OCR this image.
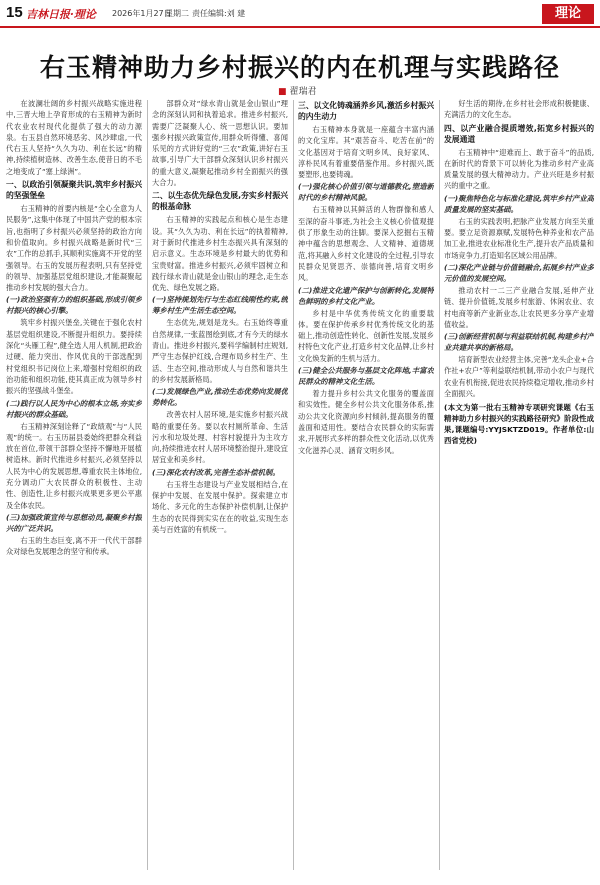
15 吉林日报·理论 2026年1月27日
星期二 责任编辑:刘 建	理论
右玉精神助力乡村振兴的内在机理与实践路径
■ 翟瑞君

在波澜壮阔的乡村振兴战略实施进程中,三晋大地上孕育形成的右玉精神为新时代农业农村现代化提供了强大的动力源泉。右玉县自然环境恶劣、风沙肆虐,一代代右玉人坚持“久久为功、利在长远”的精神,持续植树造林、改善生态,使昔日的不毛之地变成了“塞上绿洲”。

一、以政治引领凝聚共识,筑牢乡村振兴的坚强堡垒

右玉精神的首要内核是“全心全意为人民服务”,这集中体现了中国共产党的根本宗旨,也指明了乡村振兴必须坚持的政治方向和价值取向。乡村振兴战略是新时代“三农”工作的总抓手,其顺利实施离不开党的坚强领导。右玉的发展历程表明,只有坚持党的领导、加强基层党组织建设,才能凝聚起推动乡村发展的强大合力。

(一)政治坚强有力的组织基础,形成引领乡村振兴的核心引擎。

筑牢乡村振兴堡垒,关键在于强化农村基层党组织建设,不断提升组织力。要持续深化“头雁工程”,健全选人用人机制,把政治过硬、能力突出、作风优良的干部选配到村党组织书记岗位上来,增强村党组织的政治功能和组织功能,使其真正成为领导乡村振兴的坚强战斗堡垒。

(二)践行以人民为中心的根本立场,夯实乡村振兴的群众基础。

右玉精神深刻诠释了“政绩观”与“人民观”的统一。右玉历届县委始终把群众利益放在首位,带领干部群众坚持不懈地开展植树造林。新时代推进乡村振兴,必须坚持以人民为中心的发展思想,尊重农民主体地位,充分调动广大农民群众的积极性、主动性、创造性,让乡村振兴成果更多更公平惠及全体农民。

(三)加强政策宣传与思想动员,凝聚乡村振兴的广泛共识。

右玉的生态巨变,离不开一代代干部群众对绿色发展理念的坚守和传承。

部群众对“绿水青山就是金山银山”理念的深刻认同和执着追求。推进乡村振兴,需要广泛凝聚人心、统一思想认识。要加强乡村振兴政策宣传,用群众听得懂、喜闻乐见的方式讲好党的“三农”政策,讲好右玉故事,引导广大干部群众深刻认识乡村振兴的重大意义,凝聚起推动乡村全面振兴的强大合力。

二、以生态优先绿色发展,夯实乡村振兴的根基命脉

右玉精神的实践起点和核心是生态建设。其“久久为功、利在长远”的执着精神,对于新时代推进乡村生态振兴具有深刻的启示意义。生态环境是乡村最大的优势和宝贵财富。推进乡村振兴,必须牢固树立和践行绿水青山就是金山银山的理念,走生态优先、绿色发展之路。

(一)坚持规划先行与生态红线刚性约束,统筹乡村生产生活生态空间。

生态优先,规划是龙头。右玉始终尊重自然规律,一张蓝图绘到底,才有今天的绿水青山。推进乡村振兴,要科学编制村庄规划,严守生态保护红线,合理布局乡村生产、生活、生态空间,推动形成人与自然和谐共生的乡村发展新格局。

(二)发展绿色产业,推动生态优势向发展优势转化。

改善农村人居环境,是实施乡村振兴战略的重要任务。要以农村厕所革命、生活污水和垃圾处理、村容村貌提升为主攻方向,持续推进农村人居环境整治提升,建设宜居宜业和美乡村。

(三)深化农村改革,完善生态补偿机制。

右玉将生态建设与产业发展相结合,在保护中发展、在发展中保护。探索建立市场化、多元化的生态保护补偿机制,让保护生态的农民得到实实在在的收益,实现生态美与百姓富的有机统一。

三、以文化铸魂涵养乡风,激活乡村振兴的内生动力

右玉精神本身就是一座蕴含丰富内涵的文化宝库。其“艰苦奋斗、吃苦在前”的文化基因对于培育文明乡风、良好家风、淳朴民风有着重要借鉴作用。乡村振兴,既要塑形,也要铸魂。

(一)强化核心价值引领与道德教化,塑造新时代的乡村精神风貌。

右玉精神以其鲜活的人物群像和感人至深的奋斗事迹,为社会主义核心价值观提供了形象生动的注脚。要深入挖掘右玉精神中蕴含的思想观念、人文精神、道德规范,将其融入乡村文化建设的全过程,引导农民群众见贤思齐、崇德向善,培育文明乡风。

(二)推进文化遗产保护与创新转化,发展特色鲜明的乡村文化产业。

乡村是中华优秀传统文化的重要载体。要在保护传承乡村优秀传统文化的基础上,推动创造性转化、创新性发展,发展乡村特色文化产业,打造乡村文化品牌,让乡村文化焕发新的生机与活力。

(三)健全公共服务与基层文化阵地,丰富农民群众的精神文化生活。

着力提升乡村公共文化服务的覆盖面和实效性。健全乡村公共文化服务体系,推动公共文化资源向乡村倾斜,提高服务的覆盖面和适用性。要结合农民群众的实际需求,开展形式多样的群众性文化活动,以优秀文化滋养心灵、涵育文明乡风。

好生活的期待,在乡村社会形成积极健康、充满活力的文化生态。

四、以产业融合提质增效,拓宽乡村振兴的发展通道

右玉精神中“迎难而上、敢于奋斗”的品质,在新时代的背景下可以转化为推动乡村产业高质量发展的强大精神动力。产业兴旺是乡村振兴的重中之重。

(一)聚焦特色化与标准化建设,筑牢乡村产业高质量发展的坚实基础。

右玉的实践表明,把脉产业发展方向至关重要。要立足资源禀赋,发展特色种养业和农产品加工业,推进农业标准化生产,提升农产品质量和市场竞争力,打造知名区域公用品牌。

(二)深化产业链与价值链融合,拓展乡村产业多元价值的发展空间。

推动农村一二三产业融合发展,延伸产业链、提升价值链,发展乡村旅游、休闲农业、农村电商等新产业新业态,让农民更多分享产业增值收益。

(三)创新经营机制与利益联结机制,构建乡村产业共建共享的新格局。

培育新型农业经营主体,完善“龙头企业+合作社+农户”等利益联结机制,带动小农户与现代农业有机衔接,促进农民持续稳定增收,推动乡村全面振兴。

(本文为第一批右玉精神专项研究课题《右玉精神助力乡村振兴的实践路径研究》阶段性成果,课题编号:YYJSKTZD019。作者单位:山西省党校)
